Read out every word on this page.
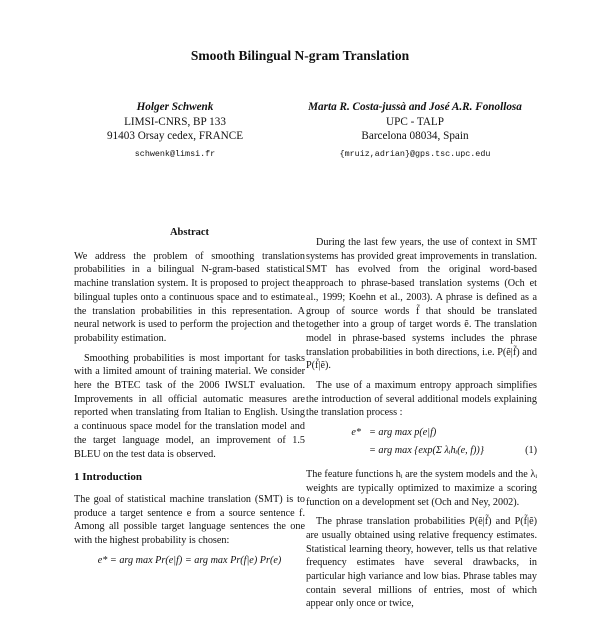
Smooth Bilingual N-gram Translation
Holger Schwenk
LIMSI-CNRS, BP 133
91403 Orsay cedex, FRANCE
schwenk@limsi.fr
Marta R. Costa-jussà and José A.R. Fonollosa
UPC - TALP
Barcelona 08034, Spain
{mruiz,adrian}@gps.tsc.upc.edu
Abstract

We address the problem of smoothing translation probabilities in a bilingual N-gram-based statistical machine translation system. It is proposed to project the bilingual tuples onto a continuous space and to estimate the translation probabilities in this representation. A neural network is used to perform the projection and the probability estimation.

Smoothing probabilities is most important for tasks with a limited amount of training material. We consider here the BTEC task of the 2006 IWSLT evaluation. Improvements in all official automatic measures are reported when translating from Italian to English. Using a continuous space model for the translation model and the target language model, an improvement of 1.5 BLEU on the test data is observed.

1 Introduction

The goal of statistical machine translation (SMT) is to produce a target sentence e from a source sentence f. Among all possible target language sentences the one with the highest probability is chosen:

e* = arg max Pr(e|f) = arg max Pr(f|e) Pr(e)

During the last few years, the use of context in SMT systems has provided great improvements in translation. SMT has evolved from the original word-based approach to phrase-based translation systems (Och et al., 1999; Koehn et al., 2003). A phrase is defined as a group of source words f̃ that should be translated together into a group of target words ẽ. The translation model in phrase-based systems includes the phrase translation probabilities in both directions, i.e. P(ẽ|f̃) and P(f̃|ẽ).

The use of a maximum entropy approach simplifies the introduction of several additional models explaining the translation process :

e* = arg max p(e|f)
= arg max {exp(Σ λᵢhᵢ(e, f))}	(1)

The feature functions hᵢ are the system models and the λᵢ weights are typically optimized to maximize a scoring function on a development set (Och and Ney, 2002).

The phrase translation probabilities P(ẽ|f̃) and P(f̃|ẽ) are usually obtained using relative frequency estimates. Statistical learning theory, however, tells us that relative frequency estimates have several drawbacks, in particular high variance and low bias. Phrase tables may contain several millions of entries, most of which appear only once or twice,
